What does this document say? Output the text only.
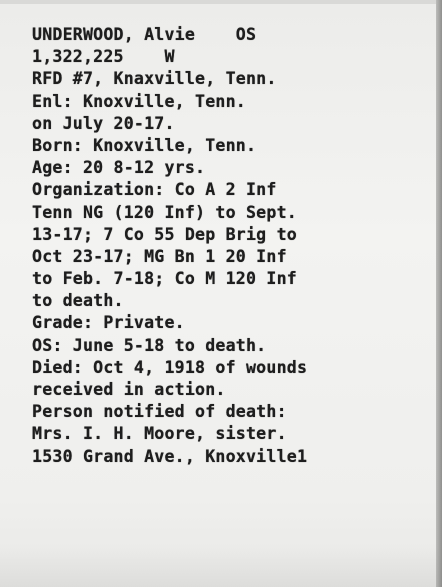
UNDERWOOD, Alvie    OS
1,322,225    W
RFD #7, Knaxville, Tenn.
Enl: Knoxville, Tenn.
on July 20-17.
Born: Knoxville, Tenn.
Age: 20 8-12 yrs.
Organization: Co A 2 Inf
Tenn NG (120 Inf) to Sept.
13-17; 7 Co 55 Dep Brig to
Oct 23-17; MG Bn 1 20 Inf
to Feb. 7-18; Co M 120 Inf
to death.
Grade: Private.
OS: June 5-18 to death.
Died: Oct 4, 1918 of wounds
received in action.
Person notified of death:
Mrs. I. H. Moore, sister.
1530 Grand Ave., Knoxville1
